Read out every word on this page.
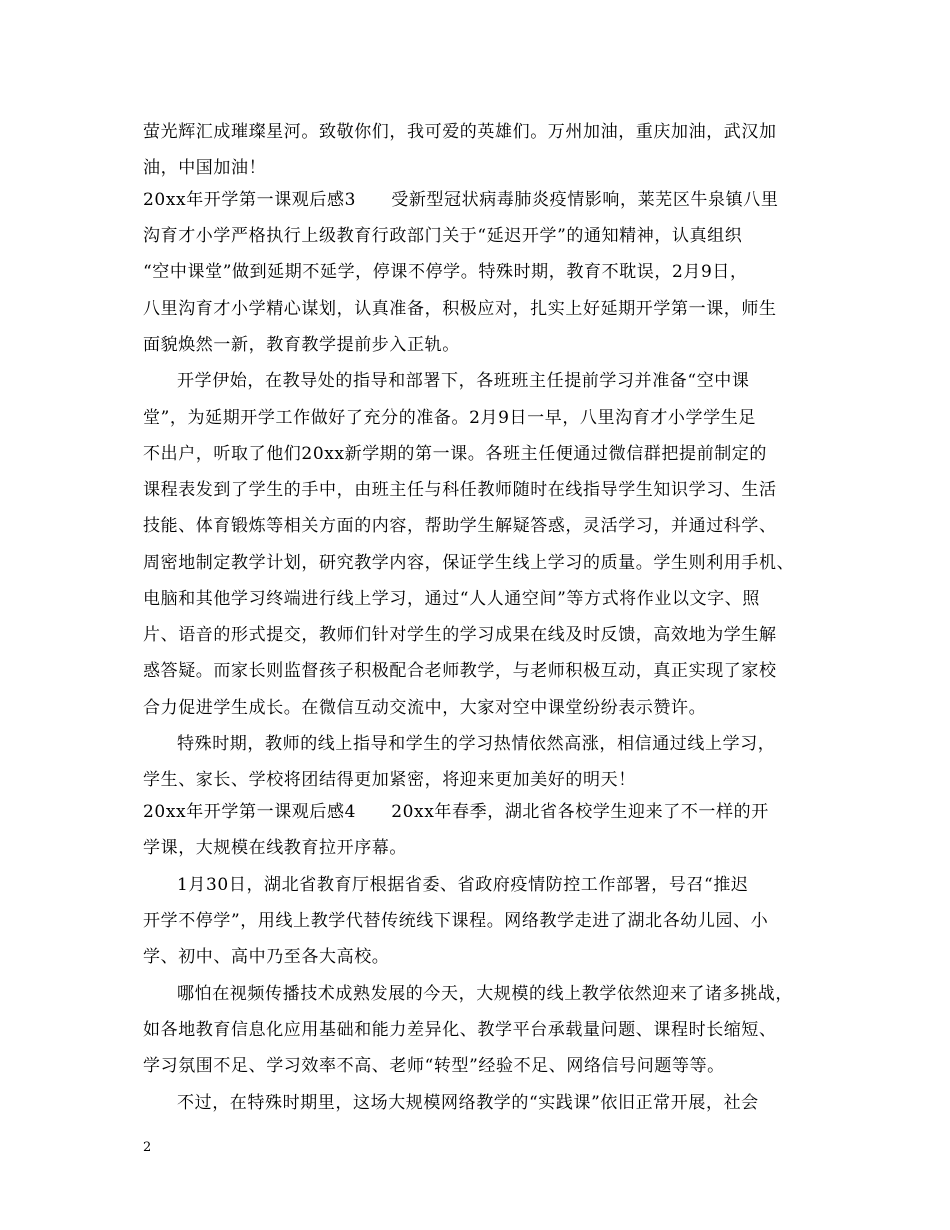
萤光辉汇成璀璨星河。致敬你们，我可爱的英雄们。万州加油，重庆加油，武汉加
油，中国加油！
20xx年开学第一课观后感3　　受新型冠状病毒肺炎疫情影响，莱芜区牛泉镇八里
沟育才小学严格执行上级教育行政部门关于“延迟开学”的通知精神，认真组织
“空中课堂”做到延期不延学，停课不停学。特殊时期，教育不耽误，2月9日，
八里沟育才小学精心谋划，认真准备，积极应对，扎实上好延期开学第一课，师生
面貌焕然一新，教育教学提前步入正轨。
开学伊始，在教导处的指导和部署下，各班班主任提前学习并准备“空中课
堂”，为延期开学工作做好了充分的准备。2月9日一早，八里沟育才小学学生足
不出户，听取了他们20xx新学期的第一课。各班主任便通过微信群把提前制定的
课程表发到了学生的手中，由班主任与科任教师随时在线指导学生知识学习、生活
技能、体育锻炼等相关方面的内容，帮助学生解疑答惑，灵活学习，并通过科学、
周密地制定教学计划，研究教学内容，保证学生线上学习的质量。学生则利用手机、
电脑和其他学习终端进行线上学习，通过“人人通空间”等方式将作业以文字、照
片、语音的形式提交，教师们针对学生的学习成果在线及时反馈，高效地为学生解
惑答疑。而家长则监督孩子积极配合老师教学，与老师积极互动，真正实现了家校
合力促进学生成长。在微信互动交流中，大家对空中课堂纷纷表示赞许。
特殊时期，教师的线上指导和学生的学习热情依然高涨，相信通过线上学习，
学生、家长、学校将团结得更加紧密，将迎来更加美好的明天！
20xx年开学第一课观后感4　　20xx年春季，湖北省各校学生迎来了不一样的开
学课，大规模在线教育拉开序幕。
1月30日，湖北省教育厅根据省委、省政府疫情防控工作部署，号召“推迟
开学不停学”，用线上教学代替传统线下课程。网络教学走进了湖北各幼儿园、小
学、初中、高中乃至各大高校。
哪怕在视频传播技术成熟发展的今天，大规模的线上教学依然迎来了诸多挑战，
如各地教育信息化应用基础和能力差异化、教学平台承载量问题、课程时长缩短、
学习氛围不足、学习效率不高、老师“转型”经验不足、网络信号问题等等。
不过，在特殊时期里，这场大规模网络教学的“实践课”依旧正常开展，社会
2
